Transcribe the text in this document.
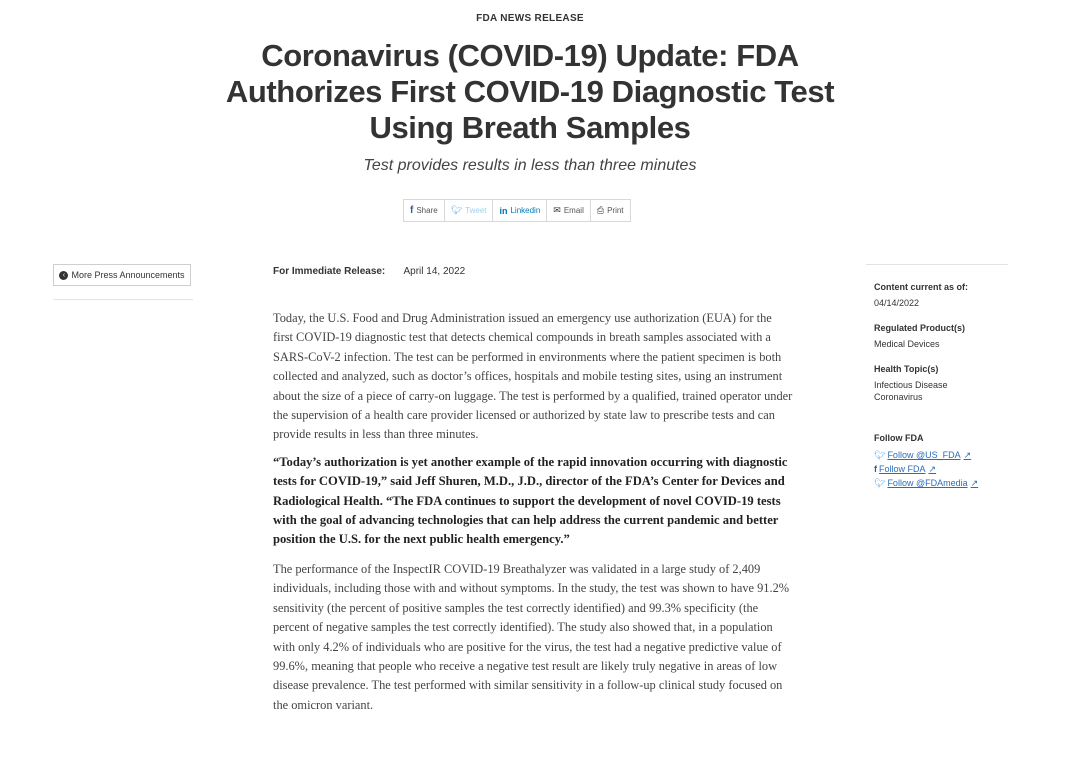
FDA NEWS RELEASE
Coronavirus (COVID-19) Update: FDA Authorizes First COVID-19 Diagnostic Test Using Breath Samples
Test provides results in less than three minutes
f Share 🐦︎ Tweet in Linkedin ✉ Email ⎙ Print
‹ More Press Announcements	For Immediate Release: April 14, 2022

Today, the U.S. Food and Drug Administration issued an emergency use authorization (EUA) for the first COVID-19 diagnostic test that detects chemical compounds in breath samples associated with a SARS-CoV-2 infection. The test can be performed in environments where the patient specimen is both collected and analyzed, such as doctor’s offices, hospitals and mobile testing sites, using an instrument about the size of a piece of carry-on luggage. The test is performed by a qualified, trained operator under the supervision of a health care provider licensed or authorized by state law to prescribe tests and can provide results in less than three minutes.

“Today’s authorization is yet another example of the rapid innovation occurring with diagnostic tests for COVID-19,” said Jeff Shuren, M.D., J.D., director of the FDA’s Center for Devices and Radiological Health. “The FDA continues to support the development of novel COVID-19 tests with the goal of advancing technologies that can help address the current pandemic and better position the U.S. for the next public health emergency.”

The performance of the InspectIR COVID-19 Breathalyzer was validated in a large study of 2,409 individuals, including those with and without symptoms. In the study, the test was shown to have 91.2% sensitivity (the percent of positive samples the test correctly identified) and 99.3% specificity (the percent of negative samples the test correctly identified). The study also showed that, in a population with only 4.2% of individuals who are positive for the virus, the test had a negative predictive value of 99.6%, meaning that people who receive a negative test result are likely truly negative in areas of low disease prevalence. The test performed with similar sensitivity in a follow-up clinical study focused on the omicron variant.

Content current as of:
04/14/2022
Regulated Product(s)
Medical Devices
Health Topic(s)
Infectious Disease
Coronavirus
Follow FDA
🐦︎ Follow @US_FDA ↗
f Follow FDA ↗
🐦︎ Follow @FDAmedia ↗
